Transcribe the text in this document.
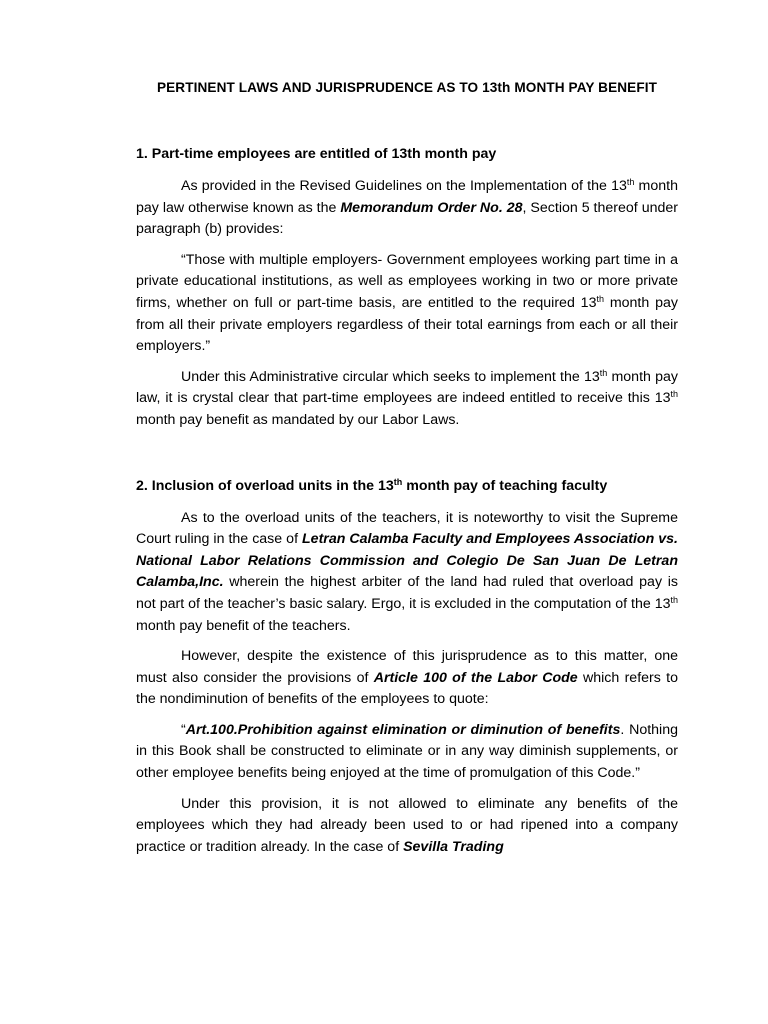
PERTINENT LAWS AND JURISPRUDENCE AS TO 13th MONTH PAY BENEFIT

1. Part-time employees are entitled of 13th month pay

As provided in the Revised Guidelines on the Implementation of the 13th month pay law otherwise known as the Memorandum Order No. 28, Section 5 thereof under paragraph (b) provides:

“Those with multiple employers- Government employees working part time in a private educational institutions, as well as employees working in two or more private firms, whether on full or part-time basis, are entitled to the required 13th month pay from all their private employers regardless of their total earnings from each or all their employers.”

Under this Administrative circular which seeks to implement the 13th month pay law, it is crystal clear that part-time employees are indeed entitled to receive this 13th month pay benefit as mandated by our Labor Laws.

2. Inclusion of overload units in the 13th month pay of teaching faculty

As to the overload units of the teachers, it is noteworthy to visit the Supreme Court ruling in the case of Letran Calamba Faculty and Employees Association vs. National Labor Relations Commission and Colegio De San Juan De Letran Calamba,Inc. wherein the highest arbiter of the land had ruled that overload pay is not part of the teacher’s basic salary. Ergo, it is excluded in the computation of the 13th month pay benefit of the teachers.

However, despite the existence of this jurisprudence as to this matter, one must also consider the provisions of Article 100 of the Labor Code which refers to the nondiminution of benefits of the employees to quote:

“Art.100.Prohibition against elimination or diminution of benefits. Nothing in this Book shall be constructed to eliminate or in any way diminish supplements, or other employee benefits being enjoyed at the time of promulgation of this Code.”

Under this provision, it is not allowed to eliminate any benefits of the employees which they had already been used to or had ripened into a company practice or tradition already. In the case of Sevilla Trading
